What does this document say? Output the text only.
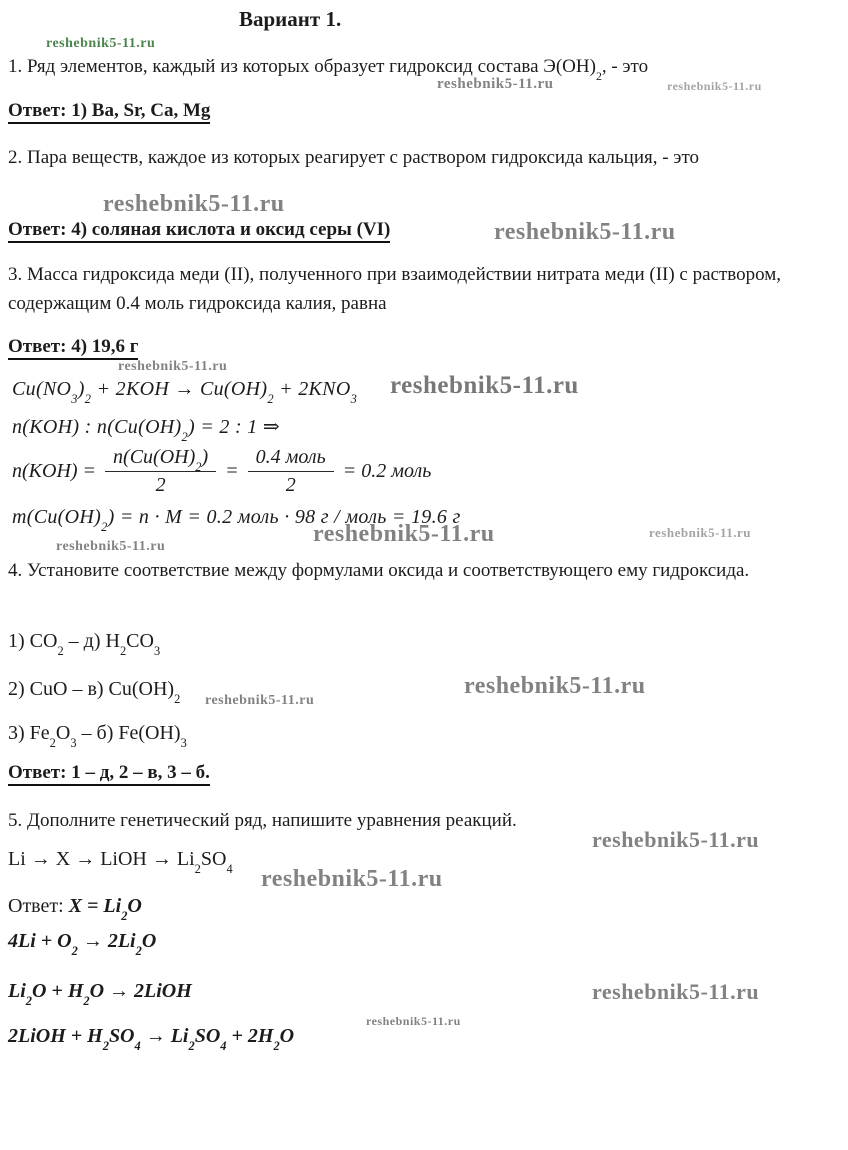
reshebnik5-11.ru
reshebnik5-11.ru	reshebnik5-11.ru
reshebnik5-11.ru
reshebnik5-11.ru
reshebnik5-11.ru
reshebnik5-11.ru
reshebnik5-11.ru	reshebnik5-11.ru	reshebnik5-11.ru
reshebnik5-11.ru
reshebnik5-11.ru
reshebnik5-11.ru
reshebnik5-11.ru
reshebnik5-11.ru
reshebnik5-11.ru
Вариант 1.
1. Ряд элементов, каждый из которых образует гидроксид состава $Э(ОН)_2$, - это
Ответ: 1) Ba, Sr, Ca, Mg
2. Пара веществ, каждое из которых реагирует с раствором гидроксида кальция, - это
Ответ: 4) соляная кислота и оксид серы (VI)
3. Масса гидроксида меди (II), полученного при взаимодействии нитрата меди (II) с раствором, содержащим 0.4 моль гидроксида калия, равна
Ответ: 4) 19,6 г
$Cu(NO_3)_2 + 2KOH \to Cu(OH)_2 + 2KNO_3$
n(KOH) : $n(Cu(OH)_2) = 2$ : 1 ⇒
$n(KOH) = \frac{n(Cu(OH)_2)}{2} = \frac{\text{0.4 моль}}{2} = 0.2$ моль
$m(Cu(OH)_2) = n \cdot M = 0.2$ моль · 98 г / моль = 19.6 г
4. Установите соответствие между формулами оксида и соответствующего ему гидроксида.
1) $CO_2 - д$) $H_2CO_3$
2) CuO – в) $Cu(OH)_2$
3) $Fe_2O_3 - б$) $Fe(OH)_3$
Ответ: 1 – д, 2 – в, 3 – б.
5. Дополните генетический ряд, напишите уравнения реакций.
Li → X → LiOH → $Li_2SO_4$
Ответ: $X = Li_2O$
$4Li + O_2 \to 2Li_2O$
$Li_2O + H_2O$ → 2LiOH
2LiOH + $H_2SO_4 \to Li_2SO_4 + 2H_2O$
